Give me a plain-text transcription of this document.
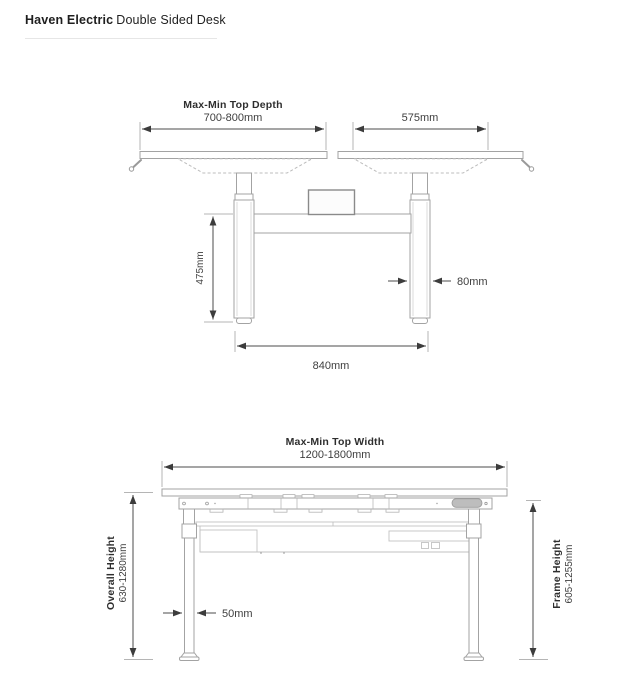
Haven Electric Double Sided Desk
Max-Min Top Depth
700-800mm	575mm
475mm	80mm
840mm
Max-Min Top Width
1200-1800mm
Overall Height 630-1280mm	Frame Height 605-1255mm
50mm
